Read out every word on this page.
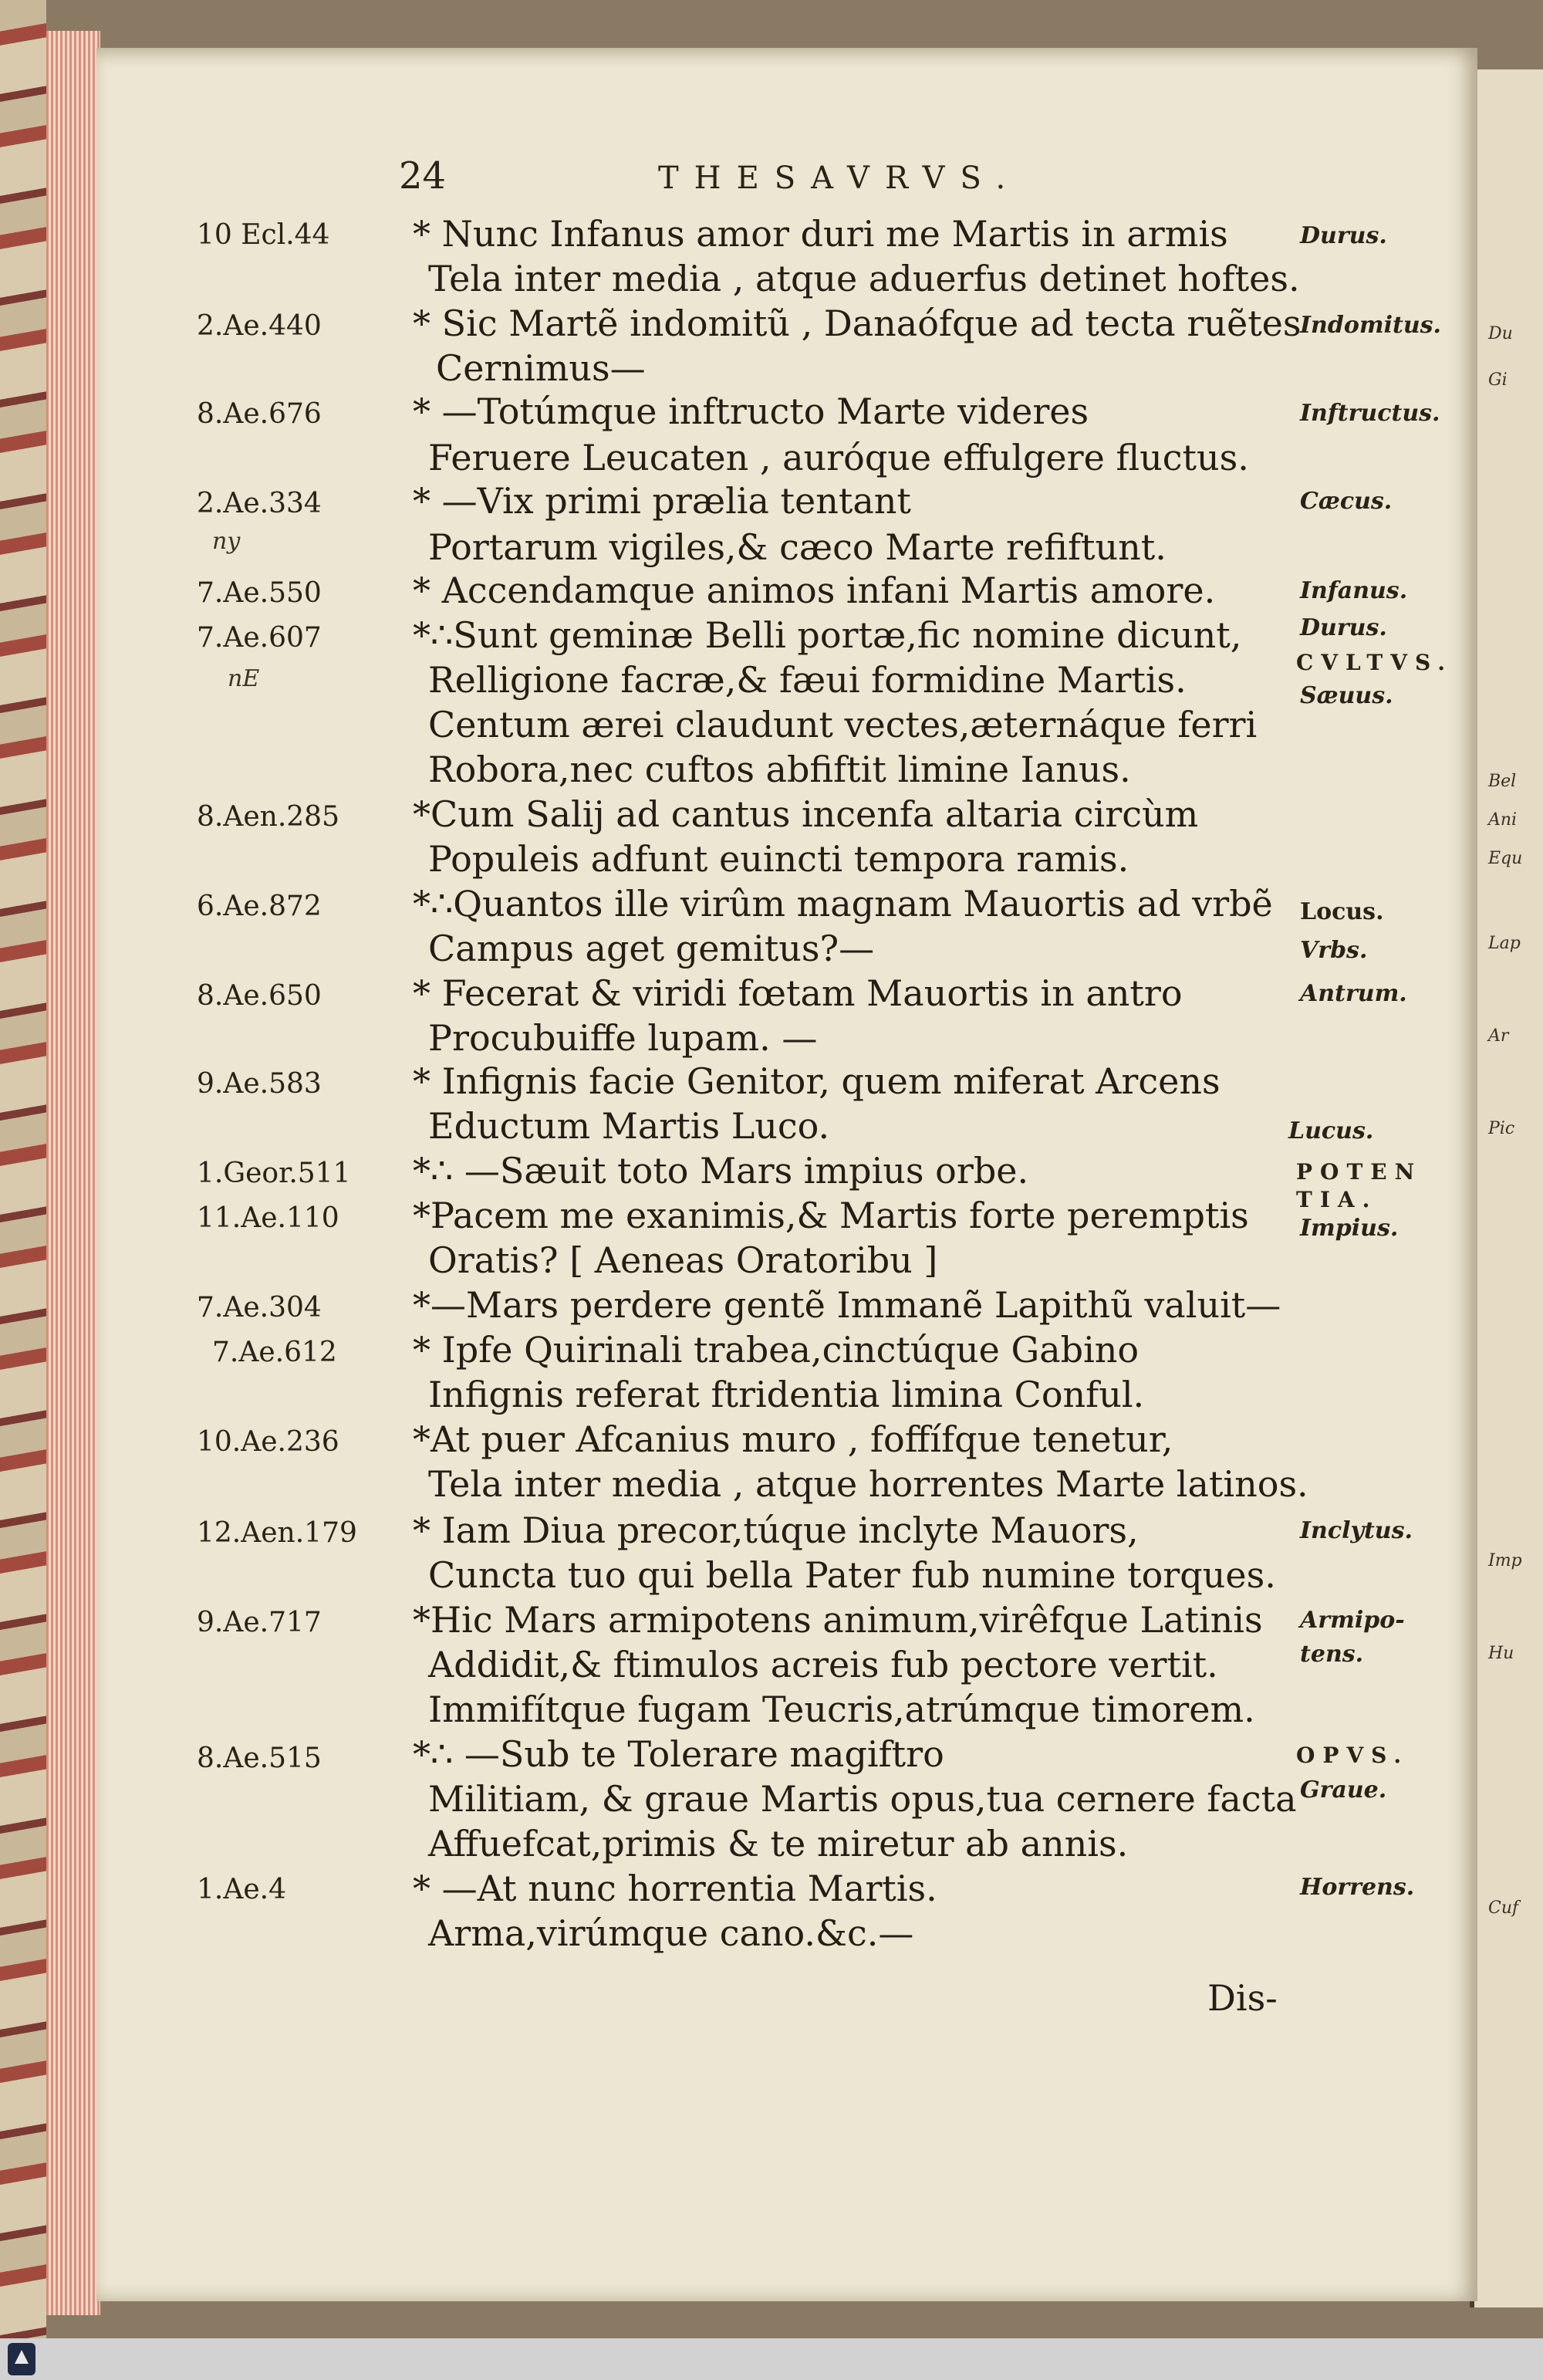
Du
Gi
Bel
Ani
Equ
Lap
Ar
Pic
Imp
Hu
Cuf
24	THESAVRVS.
10 Ecl.44 * Nunc Infanus amor duri me Martis in armis
Tela inter media , atque aduerfus detinet hoftes.
Durus.
2.Ae.440	* Sic Martẽ indomitũ , Danaófque ad tecta ruẽtes
Cernimus—
Indomitus.
8.Ae.676	* —Totúmque inftructo Marte videres
Feruere Leucaten , auróque effulgere fluctus.
Inftructus.
2.Ae.334
ny
* —Vix primi prælia tentant
Portarum vigiles,& cæco Marte refiftunt.
Cæcus.
7.Ae.550	* Accendamque animos infani Martis amore.	Infanus.
7.Ae.607
nE
*∴Sunt geminæ Belli portæ,fic nomine dicunt,
Relligione facræ,& fæui formidine Martis.
Centum ærei claudunt vectes,æternáque ferri
Robora,nec cuftos abfiftit limine Ianus.
Durus.
CVLTVS.
Sæuus.
8.Aen.285 *Cum Salij ad cantus incenfa altaria circùm
Populeis adfunt euincti tempora ramis.
6.Ae.872	*∴Quantos ille virûm magnam Mauortis ad vrbẽ
Campus aget gemitus?—
Locus.
Vrbs.
8.Ae.650	* Fecerat & viridi fœtam Mauortis in antro
Procubuiffe lupam. —
Antrum.
9.Ae.583	* Infignis facie Genitor, quem miferat Arcens
Eductum Martis Luco.	Lucus.
1.Geor.511 *∴ —Sæuit toto Mars impius orbe.	POTEN
TIA.
Impius.
11.Ae.110 *Pacem me exanimis,& Martis forte peremptis
Oratis? [ Aeneas Oratoribu ]
7.Ae.304	*—Mars perdere gentẽ Immanẽ Lapithũ valuit—
7.Ae.612 * Ipfe Quirinali trabea,cinctúque Gabino
Infignis referat ftridentia limina Conful.
10.Ae.236 *At puer Afcanius muro , foffífque tenetur,
Tela inter media , atque horrentes Marte latinos.
12.Aen.179 * Iam Diua precor,túque inclyte Mauors,
Cuncta tuo qui bella Pater fub numine torques.
Inclytus.
9.Ae.717	*Hic Mars armipotens animum,virêfque Latinis
Addidit,& ftimulos acreis fub pectore vertit.
Immifítque fugam Teucris,atrúmque timorem.
Armipo-
tens.
8.Ae.515	*∴ —Sub te Tolerare magiftro
Militiam, & graue Martis opus,tua cernere facta
Affuefcat,primis & te miretur ab annis.
OPVS.
Graue.
1.Ae.4	* —At nunc horrentia Martis.
Arma,virúmque cano.&c.—
Horrens.
Dis-
